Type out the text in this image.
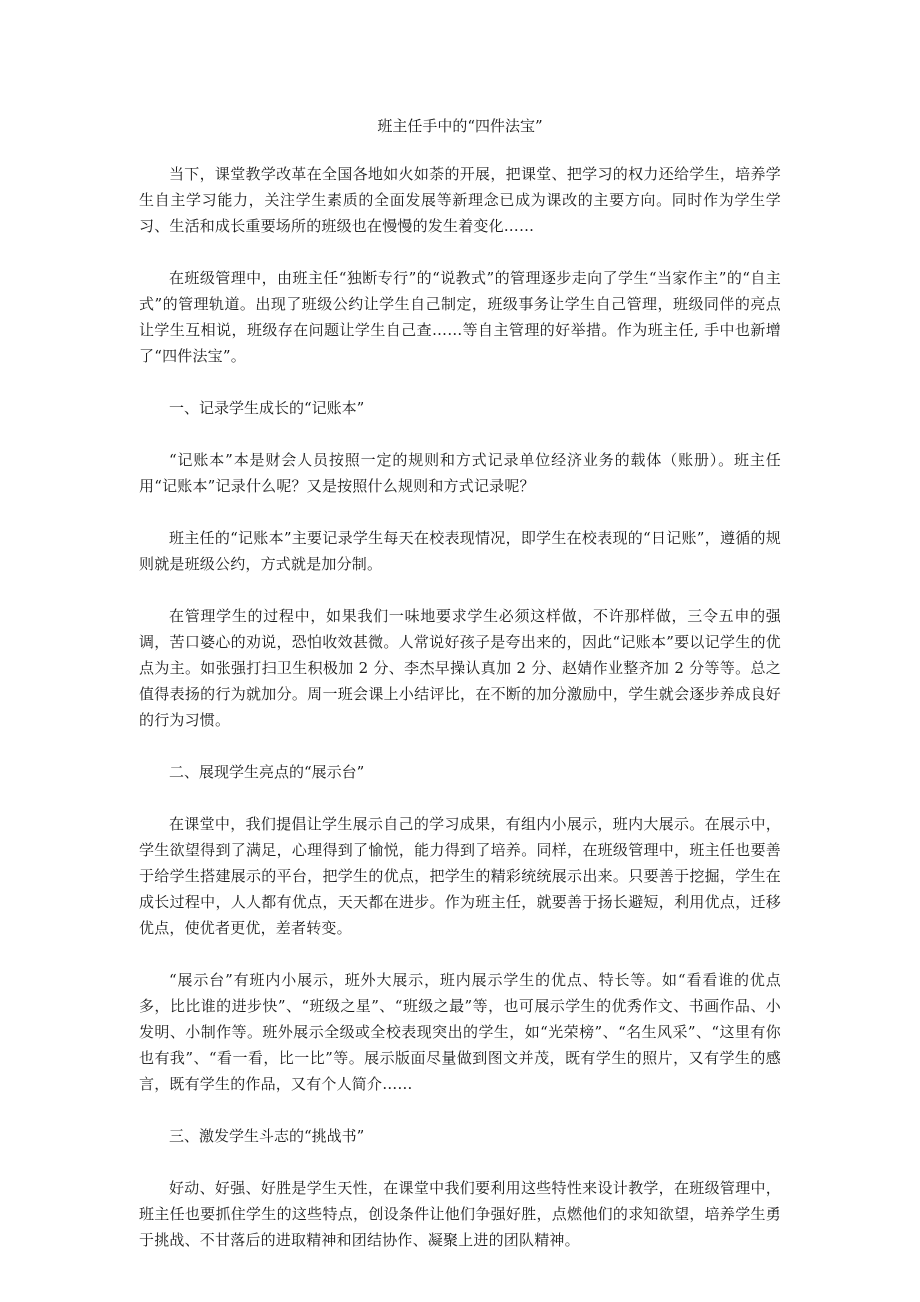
班主任手中的“四件法宝”

当下，课堂教学改革在全国各地如火如荼的开展，把课堂、把学习的权力还给学生，培养学生自主学习能力，关注学生素质的全面发展等新理念已成为课改的主要方向。同时作为学生学习、生活和成长重要场所的班级也在慢慢的发生着变化……

在班级管理中，由班主任“独断专行”的“说教式”的管理逐步走向了学生“当家作主”的“自主式”的管理轨道。出现了班级公约让学生自己制定，班级事务让学生自己管理，班级同伴的亮点让学生互相说，班级存在问题让学生自己查……等自主管理的好举措。作为班主任, 手中也新增了“四件法宝”。

一、记录学生成长的“记账本”

“记账本”本是财会人员按照一定的规则和方式记录单位经济业务的载体（账册）。班主任用“记账本”记录什么呢？又是按照什么规则和方式记录呢？

班主任的“记账本”主要记录学生每天在校表现情况，即学生在校表现的“日记账”，遵循的规则就是班级公约，方式就是加分制。

在管理学生的过程中，如果我们一味地要求学生必须这样做，不许那样做，三令五申的强调，苦口婆心的劝说，恐怕收效甚微。人常说好孩子是夸出来的，因此“记账本”要以记学生的优点为主。如张强打扫卫生积极加 2 分、李杰早操认真加 2 分、赵婧作业整齐加 2 分等等。总之值得表扬的行为就加分。周一班会课上小结评比，在不断的加分激励中，学生就会逐步养成良好的行为习惯。

二、展现学生亮点的“展示台”

在课堂中，我们提倡让学生展示自己的学习成果，有组内小展示，班内大展示。在展示中，学生欲望得到了满足，心理得到了愉悦，能力得到了培养。同样，在班级管理中，班主任也要善于给学生搭建展示的平台，把学生的优点，把学生的精彩统统展示出来。只要善于挖掘，学生在成长过程中，人人都有优点，天天都在进步。作为班主任，就要善于扬长避短，利用优点，迁移优点，使优者更优，差者转变。

“展示台”有班内小展示，班外大展示，班内展示学生的优点、特长等。如“看看谁的优点多，比比谁的进步快”、“班级之星”、“班级之最”等，也可展示学生的优秀作文、书画作品、小发明、小制作等。班外展示全级或全校表现突出的学生，如“光荣榜”、“名生风采”、“这里有你也有我”、“看一看，比一比”等。展示版面尽量做到图文并茂，既有学生的照片，又有学生的感言，既有学生的作品，又有个人简介……

三、激发学生斗志的“挑战书”

好动、好强、好胜是学生天性，在课堂中我们要利用这些特性来设计教学，在班级管理中，班主任也要抓住学生的这些特点，创设条件让他们争强好胜，点燃他们的求知欲望，培养学生勇于挑战、不甘落后的进取精神和团结协作、凝聚上进的团队精神。
